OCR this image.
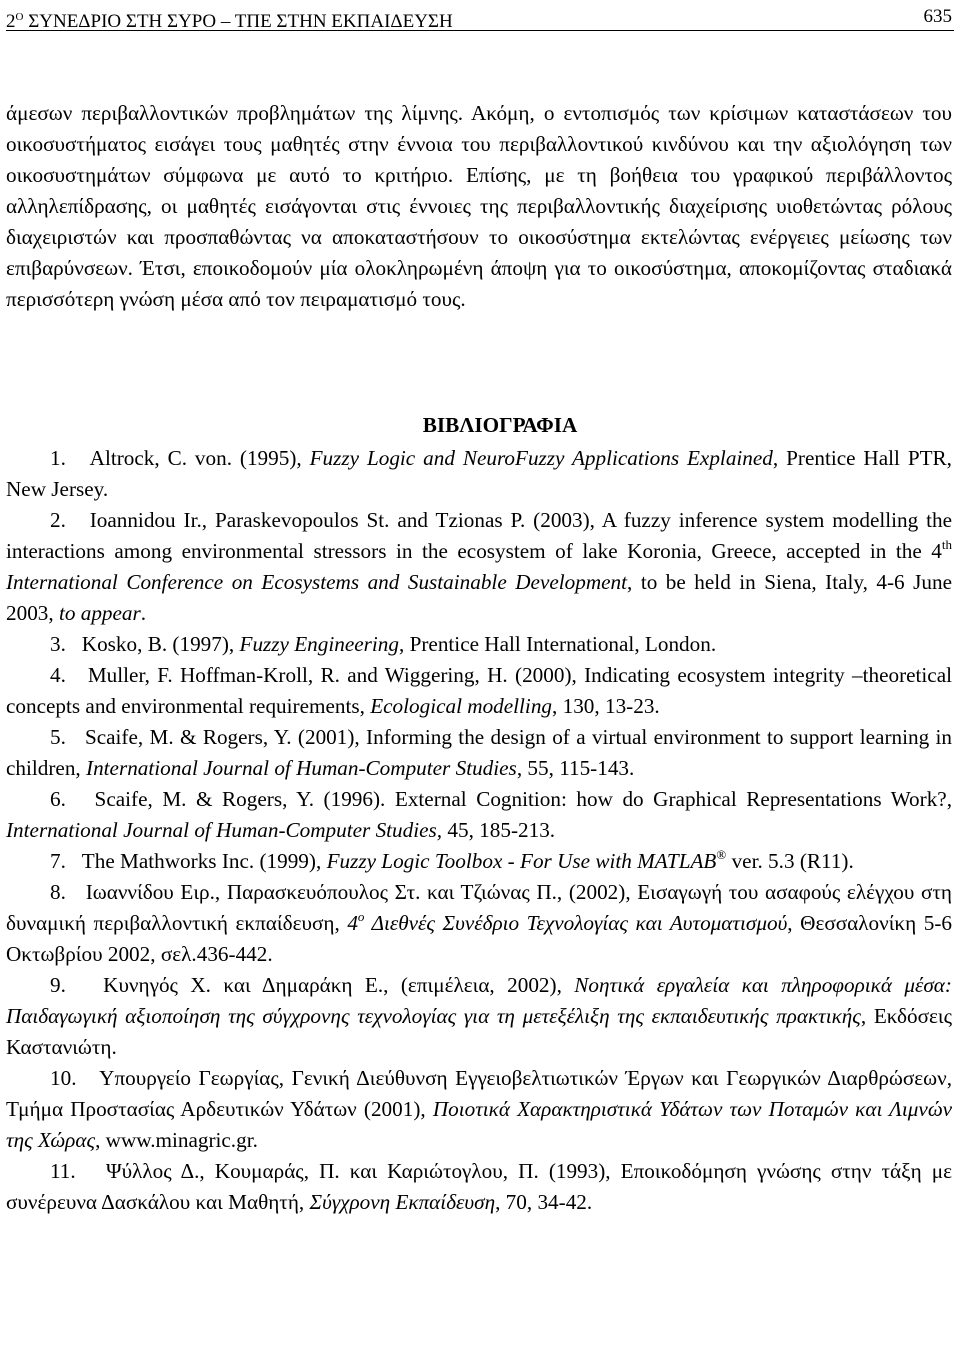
$2^O$ ΣΥΝΕΔΡΙΟ ΣΤΗ ΣΥΡΟ – ΤΠΕ ΣΤΗΝ ΕΚΠΑΙΔΕΥΣΗ	635

άμεσων περιβαλλοντικών προβλημάτων της λίμνης. Ακόμη, ο εντοπισμός των κρίσιμων καταστάσεων του οικοσυστήματος εισάγει τους μαθητές στην έννοια του περιβαλλοντικού κινδύνου και την αξιολόγηση των οικοσυστημάτων σύμφωνα με αυτό το κριτήριο. Επίσης, με τη βοήθεια του γραφικού περιβάλλοντος αλληλεπίδρασης, οι μαθητές εισάγονται στις έννοιες της περιβαλλοντικής διαχείρισης υιοθετώντας ρόλους διαχειριστών και προσπαθώντας να αποκαταστήσουν το οικοσύστημα εκτελώντας ενέργειες μείωσης των επιβαρύνσεων. Έτσι, εποικοδομούν μία ολοκληρωμένη άποψη για το οικοσύστημα, αποκομίζοντας σταδιακά περισσότερη γνώση μέσα από τον πειραματισμό τους.

ΒΙΒΛΙΟΓΡΑΦΙΑ

1. Altrock, C. von. (1995), Fuzzy Logic and NeuroFuzzy Applications Explained, Prentice Hall PTR, New Jersey.

2. Ioannidou Ir., Paraskevopoulos St. and Tzionas P. (2003), A fuzzy inference system modelling the interactions among environmental stressors in the ecosystem of lake Koronia, Greece, accepted in the 4th International Conference on Ecosystems and Sustainable Development, to be held in Siena, Italy, 4-6 June 2003, to appear.

3. Kosko, B. (1997), Fuzzy Engineering, Prentice Hall International, London.

4. Muller, F. Hoffman-Kroll, R. and Wiggering, H. (2000), Indicating ecosystem integrity –theoretical concepts and environmental requirements, Ecological modelling, 130, 13-23.

5. Scaife, M. & Rogers, Y. (2001), Informing the design of a virtual environment to support learning in children, International Journal of Human-Computer Studies, 55, 115-143.

6. Scaife, M. & Rogers, Y. (1996). External Cognition: how do Graphical Representations Work?, International Journal of Human-Computer Studies, 45, 185-213.

7. The Mathworks Inc. (1999), Fuzzy Logic Toolbox - For Use with MATLAB® ver. 5.3 (R11).

8. Ιωαννίδου Ειρ., Παρασκευόπουλος Στ. και Τζιώνας Π., (2002), Εισαγωγή του ασαφούς ελέγχου στη δυναμική περιβαλλοντική εκπαίδευση, $4^o$ Διεθνές Συνέδριο Τεχνολογίας και Αυτοματισμού, Θεσσαλονίκη 5-6 Οκτωβρίου 2002, σελ.436-442.

9. Κυνηγός Χ. και Δημαράκη Ε., (επιμέλεια, 2002), Νοητικά εργαλεία και πληροφορικά μέσα: Παιδαγωγική αξιοποίηση της σύγχρονης τεχνολογίας για τη μετεξέλιξη της εκπαιδευτικής πρακτικής, Εκδόσεις Καστανιώτη.

10. Υπουργείο Γεωργίας, Γενική Διεύθυνση Εγγειοβελτιωτικών Έργων και Γεωργικών Διαρθρώσεων, Τμήμα Προστασίας Αρδευτικών Υδάτων (2001), Ποιοτικά Χαρακτηριστικά Υδάτων των Ποταμών και Λιμνών της Χώρας, www.minagric.gr.

11. Ψύλλος Δ., Κουμαράς, Π. και Καριώτογλου, Π. (1993), Εποικοδόμηση γνώσης στην τάξη με συνέρευνα Δασκάλου και Μαθητή, Σύγχρονη Εκπαίδευση, 70, 34-42.
